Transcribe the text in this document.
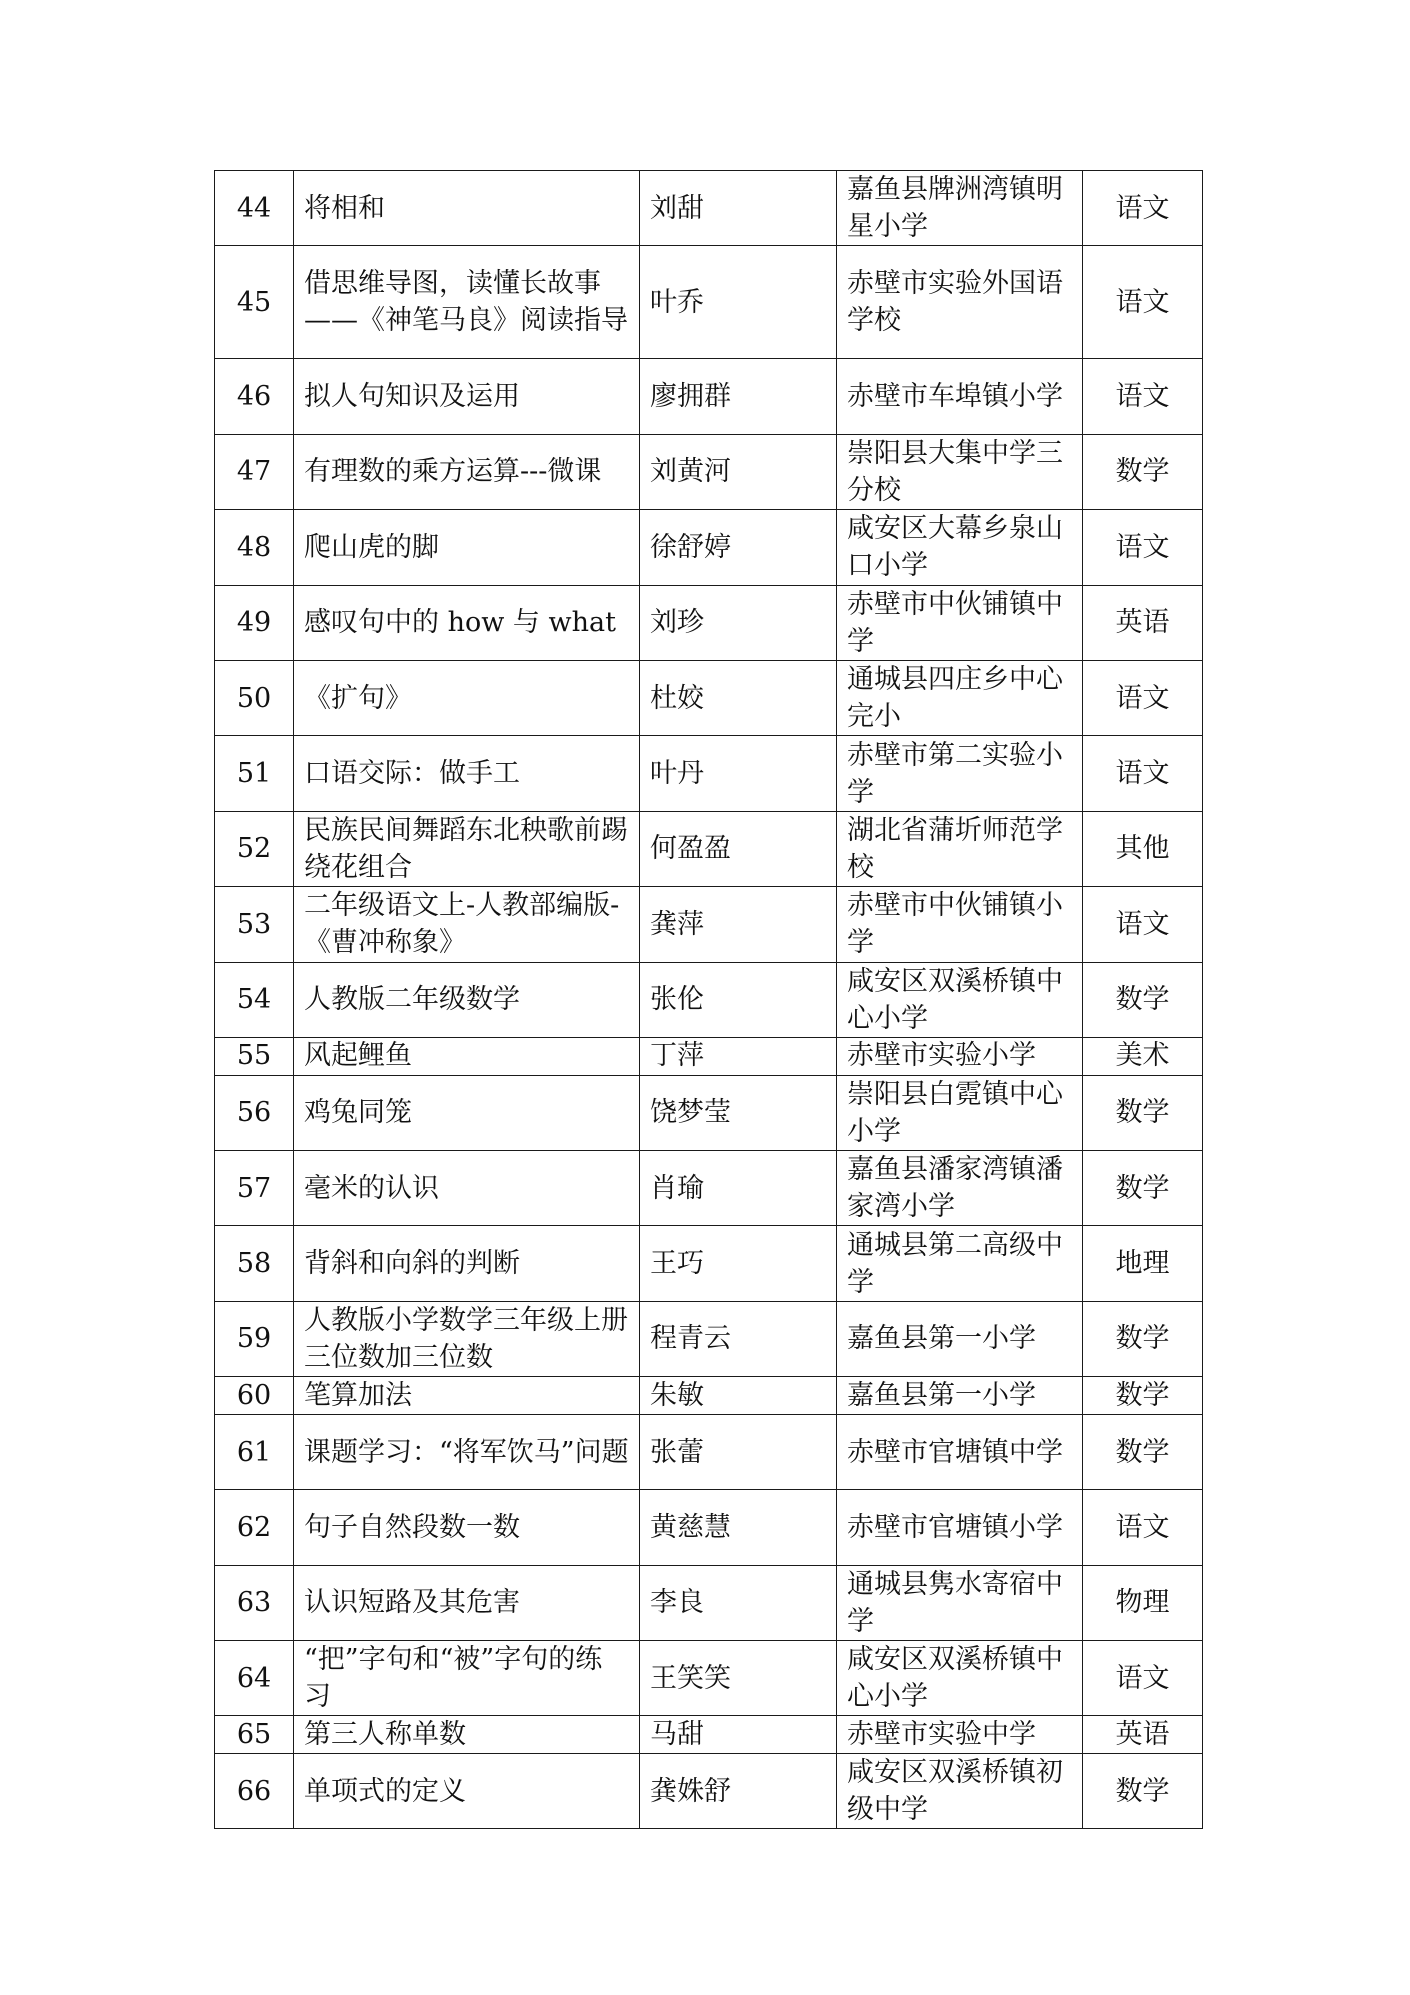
44	将相和	刘甜	嘉鱼县牌洲湾镇明星小学	语文
45	借思维导图，读懂长故事——《神笔马良》阅读指导	叶乔	赤壁市实验外国语学校	语文
46	拟人句知识及运用	廖拥群	赤壁市车埠镇小学	语文
47	有理数的乘方运算---微课	刘黄河	崇阳县大集中学三分校	数学
48	爬山虎的脚	徐舒婷	咸安区大幕乡泉山口小学	语文
49	感叹句中的 how 与 what	刘珍	赤壁市中伙铺镇中学	英语
50	《扩句》	杜姣	通城县四庄乡中心完小	语文
51	口语交际：做手工	叶丹	赤壁市第二实验小学	语文
52	民族民间舞蹈东北秧歌前踢绕花组合	何盈盈	湖北省蒲圻师范学校	其他
53	二年级语文上-人教部编版-《曹冲称象》	龚萍	赤壁市中伙铺镇小学	语文
54	人教版二年级数学	张伦	咸安区双溪桥镇中心小学	数学
55	风起鲤鱼	丁萍	赤壁市实验小学	美术
56	鸡兔同笼	饶梦莹	崇阳县白霓镇中心小学	数学
57	毫米的认识	肖瑜	嘉鱼县潘家湾镇潘家湾小学	数学
58	背斜和向斜的判断	王巧	通城县第二高级中学	地理
59	人教版小学数学三年级上册三位数加三位数	程青云	嘉鱼县第一小学	数学
60	笔算加法	朱敏	嘉鱼县第一小学	数学
61	课题学习：“将军饮马”问题	张蕾	赤壁市官塘镇中学	数学
62	句子自然段数一数	黄慈慧	赤壁市官塘镇小学	语文
63	认识短路及其危害	李良	通城县隽水寄宿中学	物理
64	“把”字句和“被”字句的练习	王笑笑	咸安区双溪桥镇中心小学	语文
65	第三人称单数	马甜	赤壁市实验中学	英语
66	单项式的定义	龚姝舒	咸安区双溪桥镇初级中学	数学
